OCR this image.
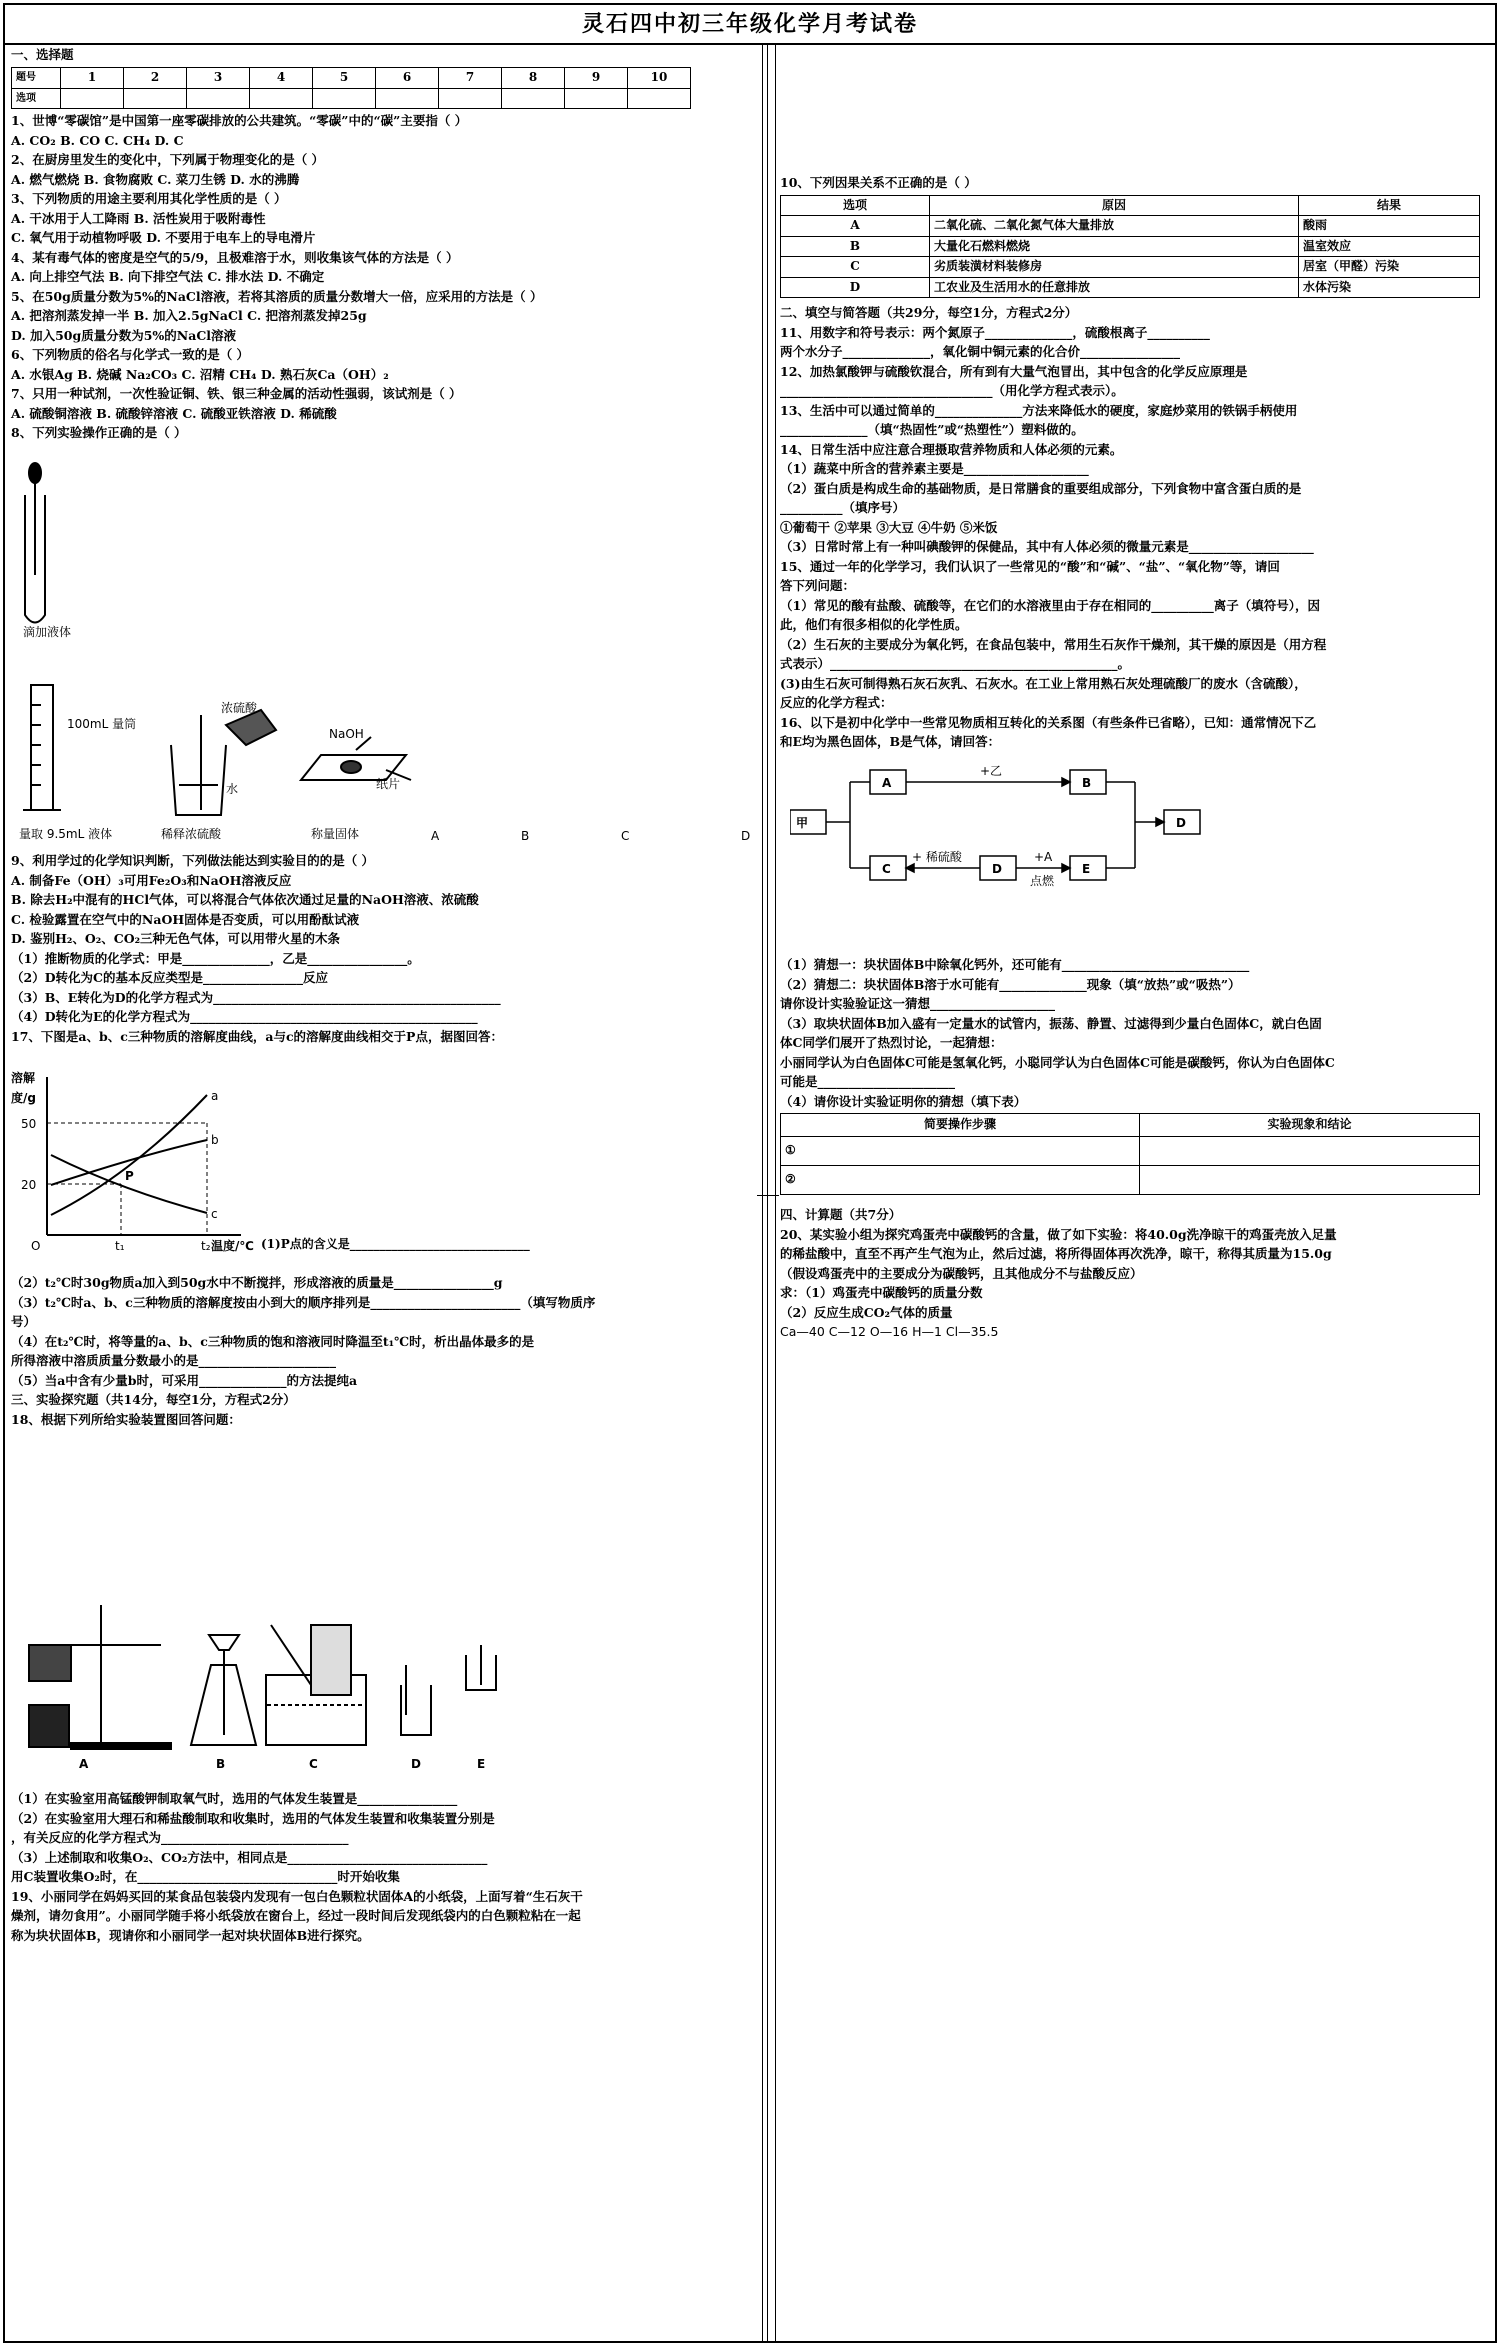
灵石四中初三年级化学月考试卷
一、选择题
题号	1	2	3	4	5	6	7	8	9	10
选项										
1、世博“零碳馆”是中国第一座零碳排放的公共建筑。“零碳”中的“碳”主要指（ ）
A. CO₂ B. CO C. CH₄ D. C
2、在厨房里发生的变化中，下列属于物理变化的是（ ）
A. 燃气燃烧 B. 食物腐败 C. 菜刀生锈 D. 水的沸腾
3、下列物质的用途主要利用其化学性质的是（ ）
A. 干冰用于人工降雨 B. 活性炭用于吸附毒性
C. 氧气用于动植物呼吸 D. 不要用于电车上的导电滑片
4、某有毒气体的密度是空气的5/9，且极难溶于水，则收集该气体的方法是（ ）
A. 向上排空气法 B. 向下排空气法 C. 排水法 D. 不确定
5、在50g质量分数为5%的NaCl溶液，若将其溶质的质量分数增大一倍，应采用的方法是（ ）
A. 把溶剂蒸发掉一半 B. 加入2.5gNaCl C. 把溶剂蒸发掉25g
D. 加入50g质量分数为5%的NaCl溶液
6、下列物质的俗名与化学式一致的是（ ）
A. 水银Ag B. 烧碱 Na₂CO₃ C. 沼精 CH₄ D. 熟石灰Ca（OH）₂
7、只用一种试剂，一次性验证铜、铁、银三种金属的活动性强弱，该试剂是（ ）
A. 硫酸铜溶液 B. 硫酸锌溶液 C. 硫酸亚铁溶液 D. 稀硫酸
8、下列实验操作正确的是（ ）
滴加液体
100mL 量筒
量取 9.5mL 液体
浓硫酸
水
稀释浓硫酸
NaOH
纸片
称量固体	A	B	C	D
9、利用学过的化学知识判断，下列做法能达到实验目的的是（ ）
A. 制备Fe（OH）₃可用Fe₂O₃和NaOH溶液反应
B. 除去H₂中混有的HCl气体，可以将混合气体依次通过足量的NaOH溶液、浓硫酸
C. 检验露置在空气中的NaOH固体是否变质，可以用酚酞试液
D. 鉴别H₂、O₂、CO₂三种无色气体，可以用带火星的木条
（1）推断物质的化学式：甲是______________，乙是________________。
（2）D转化为C的基本反应类型是________________反应
（3）B、E转化为D的化学方程式为______________________________________________
（4）D转化为E的化学方程式为______________________________________________
17、下图是a、b、c三种物质的溶解度曲线，a与c的溶解度曲线相交于P点，据图回答：
溶解度/g
50
20
O	t₁	t₂ 温度/℃
P
a
b
c
(1)P点的含义是______________________________
（2）t₂℃时30g物质a加入到50g水中不断搅拌，形成溶液的质量是________________g
（3）t₂℃时a、b、c三种物质的溶解度按由小到大的顺序排列是________________________（填写物质序
号）
（4）在t₂℃时，将等量的a、b、c三种物质的饱和溶液同时降温至t₁℃时，析出晶体最多的是
所得溶液中溶质质量分数最小的是______________________
（5）当a中含有少量b时，可采用______________的方法提纯a
三、实验探究题（共14分，每空1分，方程式2分）
18、根据下列所给实验装置图回答问题：
A	B	C	D	E
（1）在实验室用高锰酸钾制取氧气时，选用的气体发生装置是________________
（2）在实验室用大理石和稀盐酸制取和收集时，选用的气体发生装置和收集装置分别是
，有关反应的化学方程式为______________________________
（3）上述制取和收集O₂、CO₂方法中，相同点是________________________________
用C装置收集O₂时，在________________________________时开始收集
19、小丽同学在妈妈买回的某食品包装袋内发现有一包白色颗粒状固体A的小纸袋，上面写着“生石灰干
燥剂，请勿食用”。小丽同学随手将小纸袋放在窗台上，经过一段时间后发现纸袋内的白色颗粒粘在一起
称为块状固体B，现请你和小丽同学一起对块状固体B进行探究。
10、下列因果关系不正确的是（ ）
选项	原因	结果
A	二氧化硫、二氧化氮气体大量排放	酸雨
B	大量化石燃料燃烧	温室效应
C	劣质装潢材料装修房	居室（甲醛）污染
D	工农业及生活用水的任意排放	水体污染
二、填空与简答题（共29分，每空1分，方程式2分）
11、用数字和符号表示：两个氮原子______________，硫酸根离子__________
两个水分子______________，氧化铜中铜元素的化合价________________
12、加热氯酸钾与硫酸钦混合，所有到有大量气泡冒出，其中包含的化学反应原理是
__________________________________（用化学方程式表示）。
13、生活中可以通过简单的______________方法来降低水的硬度，家庭炒菜用的铁锅手柄使用
______________（填“热固性”或“热塑性”）塑料做的。
14、日常生活中应注意合理摄取营养物质和人体必须的元素。
（1）蔬菜中所含的营养素主要是____________________
（2）蛋白质是构成生命的基础物质，是日常膳食的重要组成部分，下列食物中富含蛋白质的是
__________（填序号）
①葡萄干 ②苹果 ③大豆 ④牛奶 ⑤米饭
（3）日常时常上有一种叫碘酸钾的保健品，其中有人体必须的微量元素是____________________
15、通过一年的化学学习，我们认识了一些常见的“酸”和“碱”、“盐”、“氧化物”等，请回
答下列问题：
（1）常见的酸有盐酸、硫酸等，在它们的水溶液里由于存在相同的__________离子（填符号），因
此，他们有很多相似的化学性质。
（2）生石灰的主要成分为氧化钙，在食品包装中，常用生石灰作干燥剂，其干燥的原因是（用方程
式表示）______________________________________________。
(3)由生石灰可制得熟石灰石灰乳、石灰水。在工业上常用熟石灰处理硫酸厂的废水（含硫酸），
反应的化学方程式：
16、以下是初中化学中一些常见物质相互转化的关系图（有些条件已省略），已知：通常情况下乙
和E均为黑色固体，B是气体，请回答：
甲
A	B
C	D	E
D
+乙
+ 稀硫酸	+A
点燃
（1）猜想一：块状固体B中除氧化钙外，还可能有______________________________
（2）猜想二：块状固体B溶于水可能有______________现象（填“放热”或“吸热”）
请你设计实验验证这一猜想____________________
（3）取块状固体B加入盛有一定量水的试管内，振荡、静置、过滤得到少量白色固体C，就白色固
体C同学们展开了热烈讨论，一起猜想：
小丽同学认为白色固体C可能是氢氧化钙，小聪同学认为白色固体C可能是碳酸钙，你认为白色固体C
可能是______________________
（4）请你设计实验证明你的猜想（填下表）
简要操作步骤	实验现象和结论
①	
②	
四、计算题（共7分）
20、某实验小组为探究鸡蛋壳中碳酸钙的含量，做了如下实验：将40.0g洗净晾干的鸡蛋壳放入足量
的稀盐酸中，直至不再产生气泡为止，然后过滤，将所得固体再次洗净，晾干，称得其质量为15.0g
（假设鸡蛋壳中的主要成分为碳酸钙，且其他成分不与盐酸反应）
求：（1）鸡蛋壳中碳酸钙的质量分数
（2）反应生成CO₂气体的质量
Ca—40 C—12 O—16 H—1 Cl—35.5
